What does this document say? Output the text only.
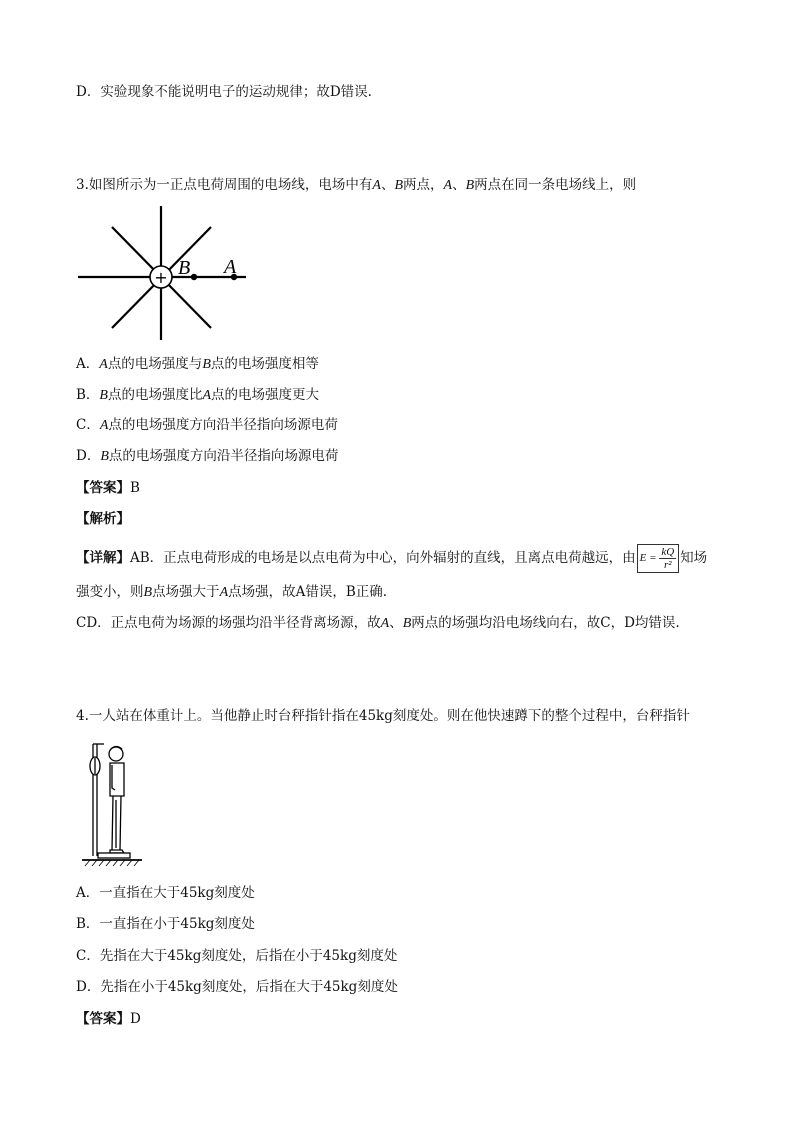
D．实验现象不能说明电子的运动规律；故D错误.
3.如图所示为一正点电荷周围的电场线，电场中有A、B两点，A、B两点在同一条电场线上，则
+ B A
A．A点的电场强度与B点的电场强度相等
B．B点的电场强度比A点的电场强度更大
C．A点的电场强度方向沿半径指向场源电荷
D．B点的电场强度方向沿半径指向场源电荷
【答案】B
【解析】
【详解】AB．正点电荷形成的电场是以点电荷为中心，向外辐射的直线，且离点电荷越远，由 $E = \frac{kQ}{\text{r²}}$ 知场
强变小，则B点场强大于A点场强，故A错误，B正确.
CD．正点电荷为场源的场强均沿半径背离场源，故A、B两点的场强均沿电场线向右，故C，D均错误.
4.一人站在体重计上。当他静止时台秤指针指在45kg刻度处。则在他快速蹲下的整个过程中，台秤指针
A．一直指在大于45kg刻度处
B．一直指在小于45kg刻度处
C．先指在大于45kg刻度处，后指在小于45kg刻度处
D．先指在小于45kg刻度处，后指在大于45kg刻度处
【答案】D
